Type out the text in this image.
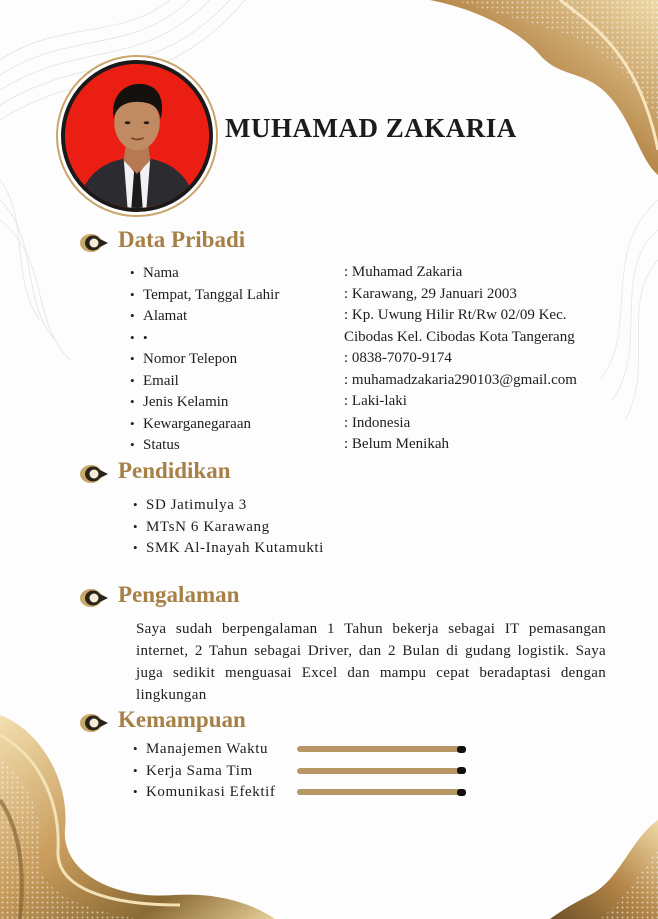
MUHAMAD ZAKARIA
Data Pribadi
• Nama	: Muhamad Zakaria
• Tempat, Tanggal Lahir	: Karawang, 29 Januari 2003
• Alamat	: Kp. Uwung Hilir Rt/Rw 02/09 Kec.
• •	Cibodas Kel. Cibodas Kota Tangerang
• Nomor Telepon	: 0838-7070-9174
• Email	: muhamadzakaria290103@gmail.com
• Jenis Kelamin	: Laki-laki
• Kewarganegaraan	: Indonesia
• Status	: Belum Menikah
Pendidikan
• SD Jatimulya 3
• MTsN 6 Karawang
• SMK Al-Inayah Kutamukti
Pengalaman

Saya sudah berpengalaman 1 Tahun bekerja sebagai IT pemasangan internet, 2 Tahun sebagai Driver, dan 2 Bulan di gudang logistik. Saya juga sedikit menguasai Excel dan mampu cepat beradaptasi dengan lingkungan

Kemampuan
• Manajemen Waktu
• Kerja Sama Tim
• Komunikasi Efektif
